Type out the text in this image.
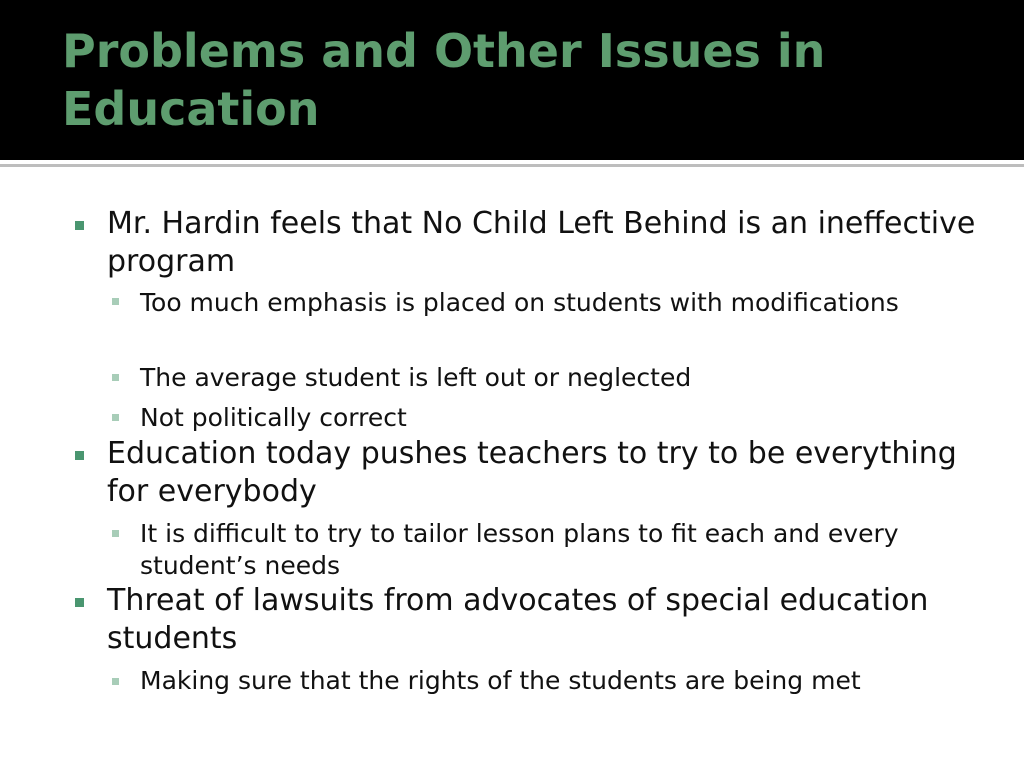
Problems and Other Issues in Education
Mr. Hardin feels that No Child Left Behind is an ineffective program
Too much emphasis is placed on students with modifications
The average student is left out or neglected
Not politically correct
Education today pushes teachers to try to be everything for everybody
It is difficult to try to tailor lesson plans to fit each and every student’s needs
Threat of lawsuits from advocates of special education students
Making sure that the rights of the students are being met
